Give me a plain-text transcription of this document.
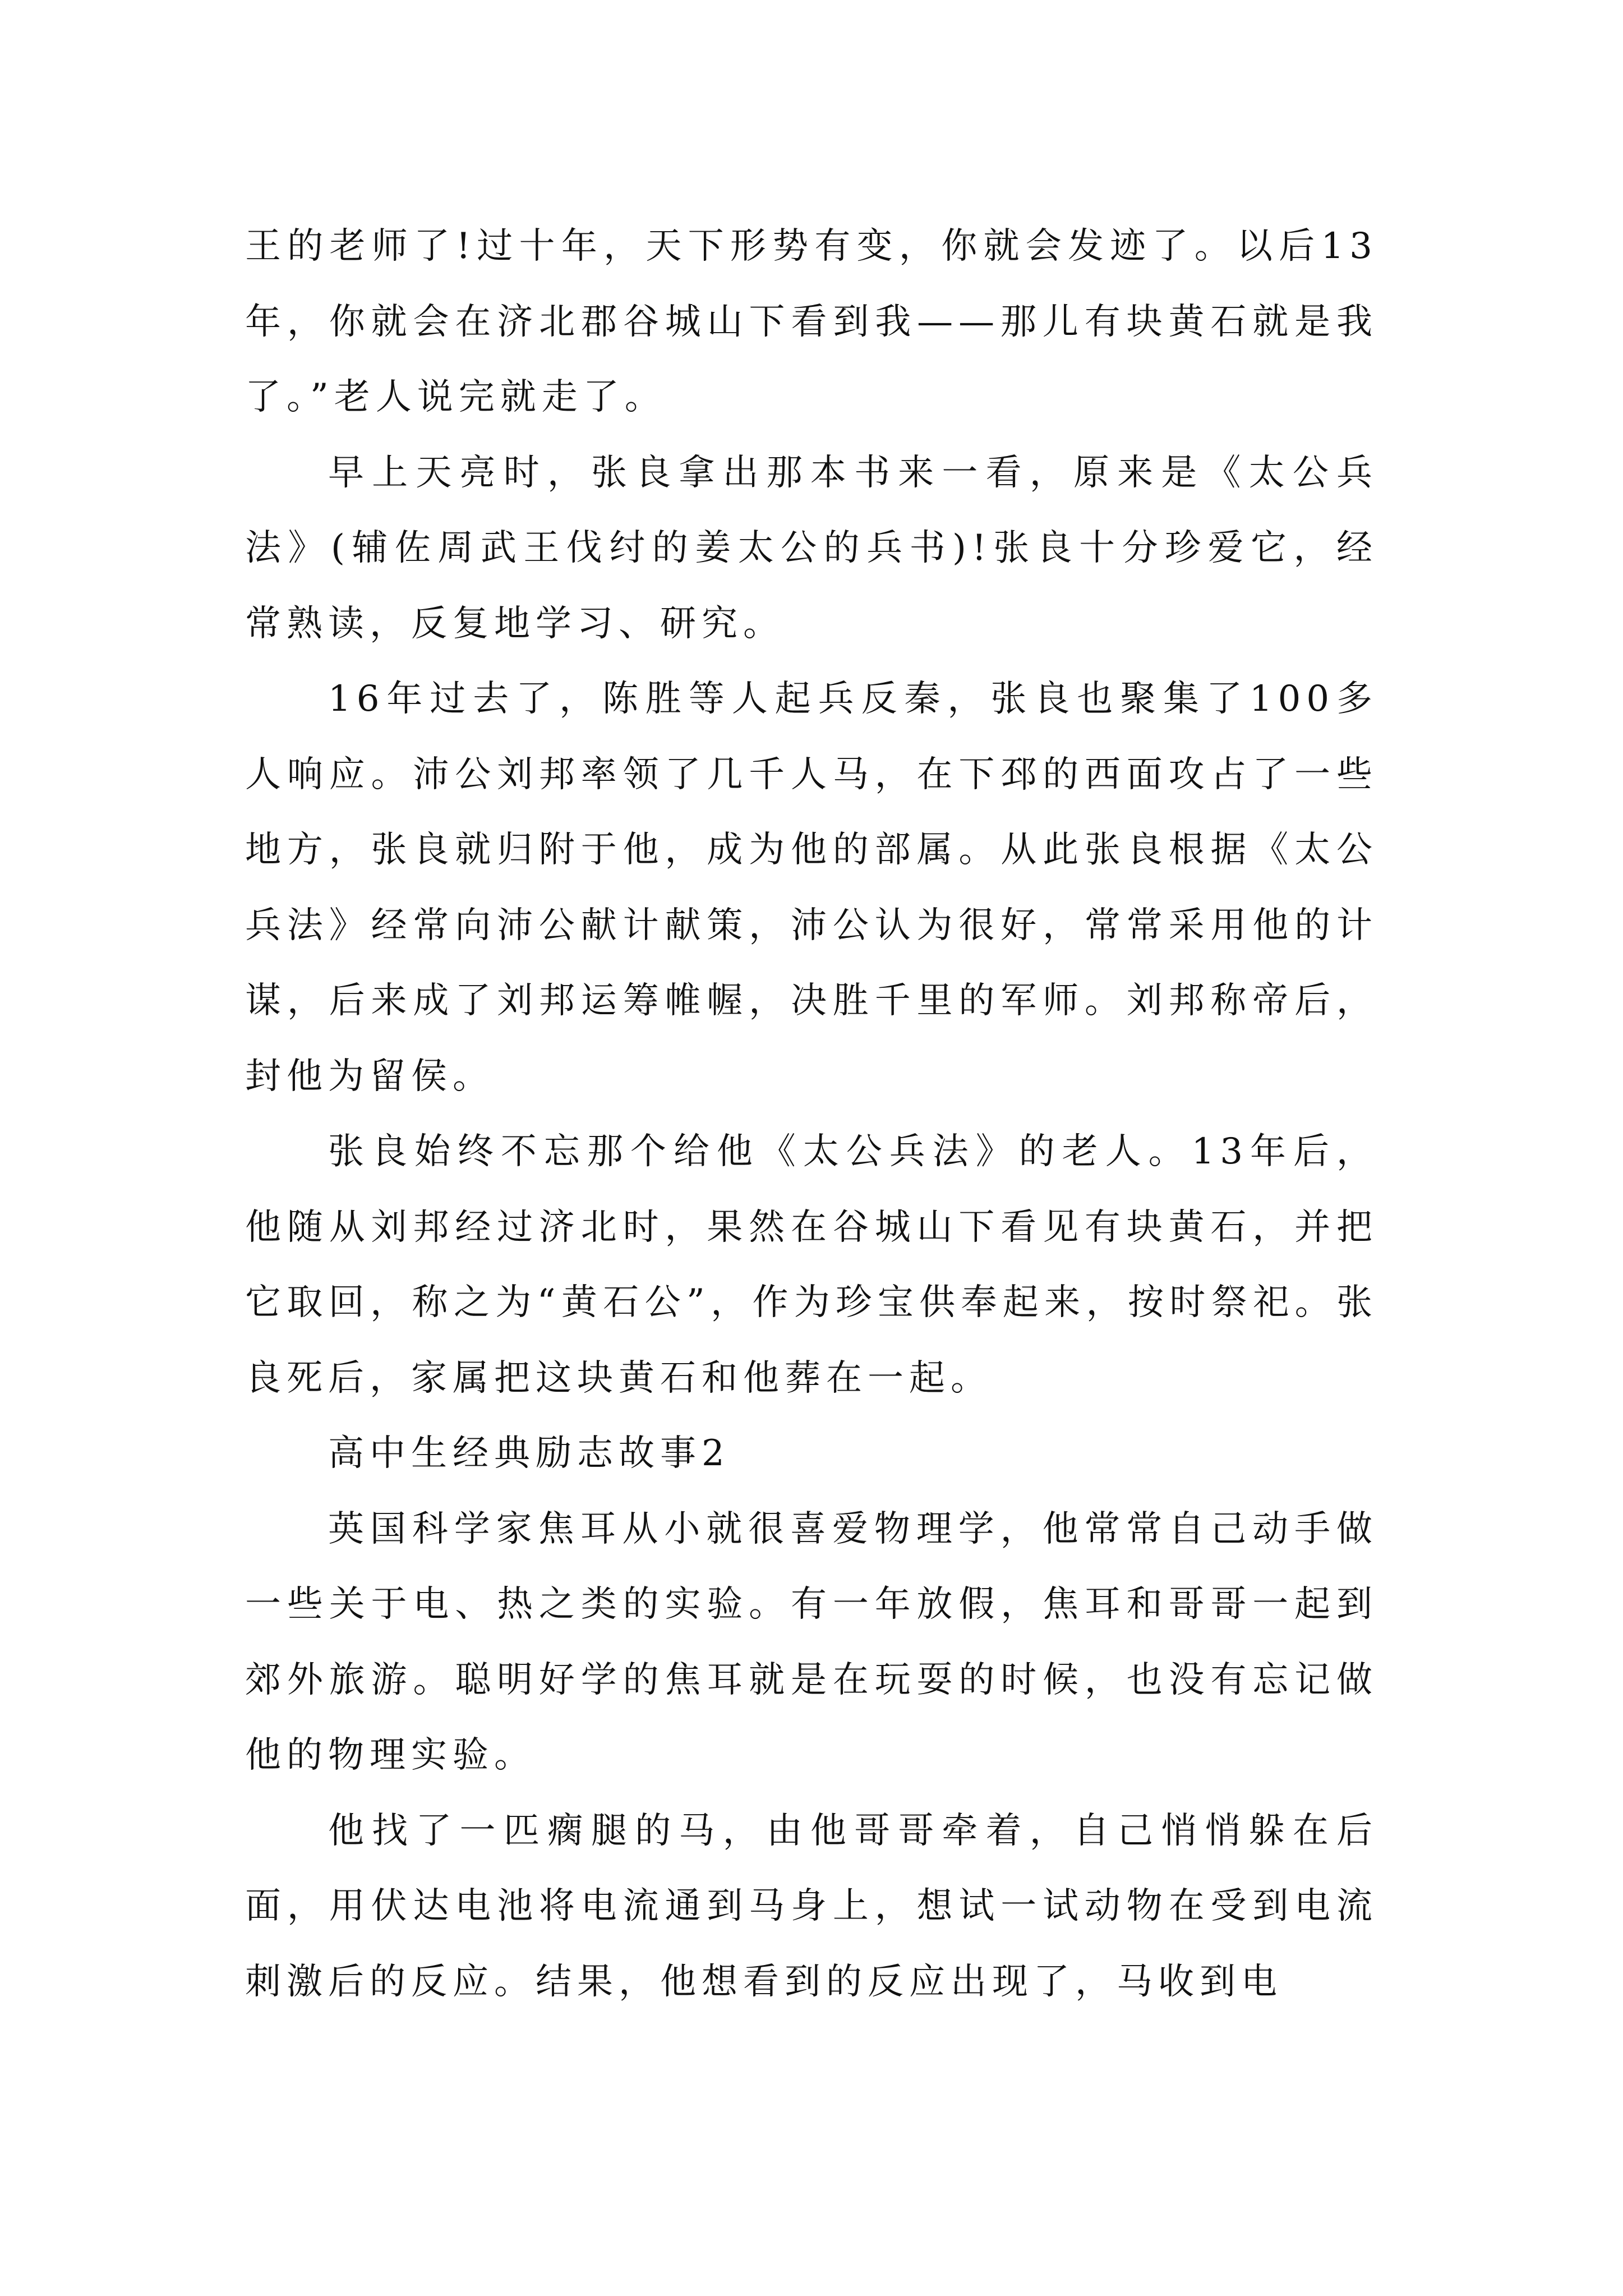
王的老师了!过十年，天下形势有变，你就会发迹了。以后13年，你就会在济北郡谷城山下看到我——那儿有块黄石就是我了。”老人说完就走了。

早上天亮时，张良拿出那本书来一看，原来是《太公兵法》(辅佐周武王伐纣的姜太公的兵书)!张良十分珍爱它，经常熟读，反复地学习、研究。

16年过去了，陈胜等人起兵反秦，张良也聚集了100多人响应。沛公刘邦率领了几千人马，在下邳的西面攻占了一些地方，张良就归附于他，成为他的部属。从此张良根据《太公兵法》经常向沛公献计献策，沛公认为很好，常常采用他的计谋，后来成了刘邦运筹帷幄，决胜千里的军师。刘邦称帝后，封他为留侯。

张良始终不忘那个给他《太公兵法》的老人。13年后，他随从刘邦经过济北时，果然在谷城山下看见有块黄石，并把它取回，称之为“黄石公”，作为珍宝供奉起来，按时祭祀。张良死后，家属把这块黄石和他葬在一起。

高中生经典励志故事2

英国科学家焦耳从小就很喜爱物理学，他常常自己动手做一些关于电、热之类的实验。有一年放假，焦耳和哥哥一起到郊外旅游。聪明好学的焦耳就是在玩耍的时候，也没有忘记做他的物理实验。

他找了一匹瘸腿的马，由他哥哥牵着，自己悄悄躲在后面，用伏达电池将电流通到马身上，想试一试动物在受到电流刺激后的反应。结果，他想看到的反应出现了，马收到电
